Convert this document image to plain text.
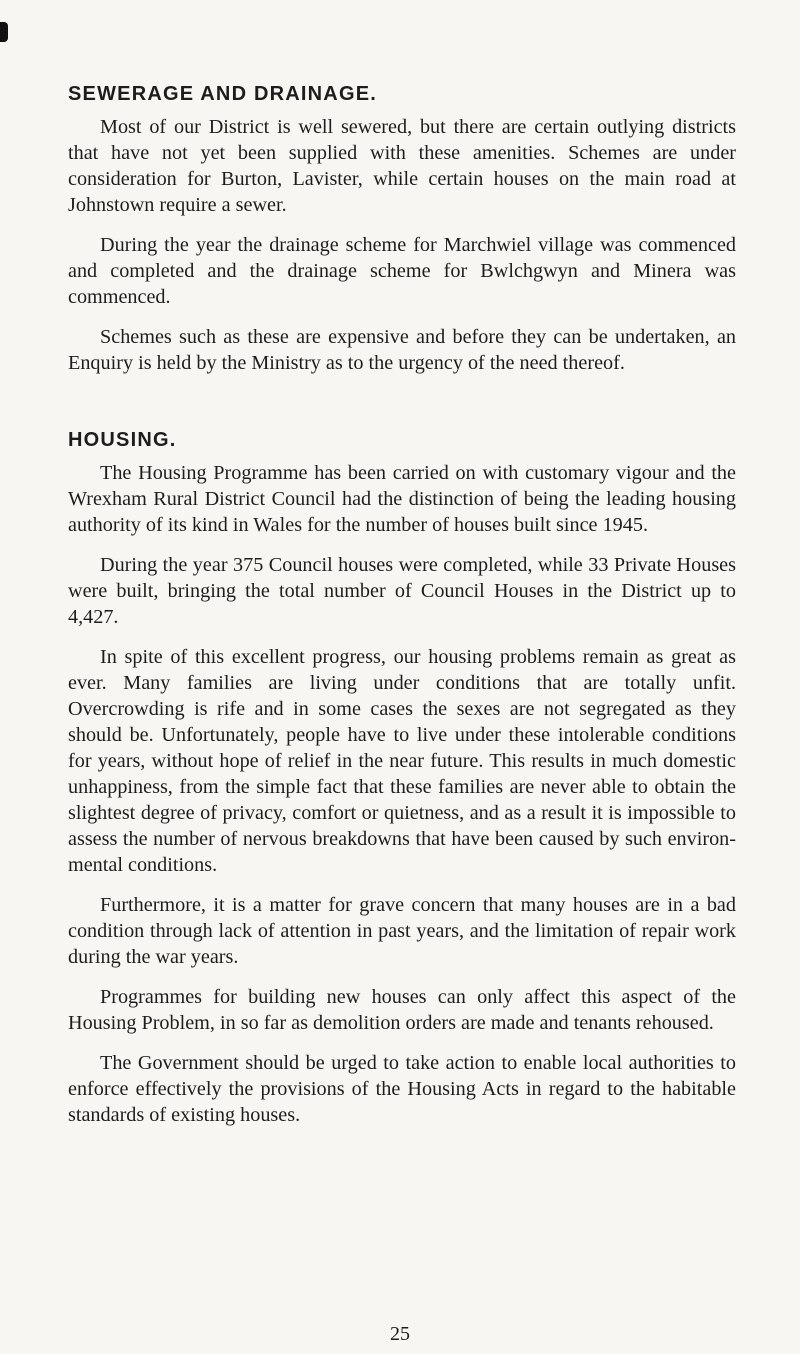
SEWERAGE AND DRAINAGE.

Most of our District is well sewered, but there are certain outlying districts that have not yet been supplied with these amenities. Schemes are under consideration for Burton, Lavister, while certain houses on the main road at Johnstown require a sewer.

During the year the drainage scheme for Marchwiel village was commenced and completed and the drainage scheme for Bwlchgwyn and Minera was commenced.

Schemes such as these are expensive and before they can be undertaken, an Enquiry is held by the Ministry as to the urgency of the need thereof.

HOUSING.

The Housing Programme has been carried on with customary vigour and the Wrexham Rural District Council had the distinction of being the leading housing authority of its kind in Wales for the number of houses built since 1945.

During the year 375 Council houses were completed, while 33 Private Houses were built, bringing the total number of Council Houses in the District up to 4,427.

In spite of this excellent progress, our housing problems remain as great as ever. Many families are living under conditions that are totally unfit. Overcrowding is rife and in some cases the sexes are not segregated as they should be. Unfortunately, people have to live under these intolerable conditions for years, without hope of relief in the near future. This results in much domestic unhappiness, from the simple fact that these families are never able to obtain the slightest degree of privacy, comfort or quietness, and as a result it is impossible to assess the number of nervous breakdowns that have been caused by such environ-mental conditions.

Furthermore, it is a matter for grave concern that many houses are in a bad condition through lack of attention in past years, and the limitation of repair work during the war years.

Programmes for building new houses can only affect this aspect of the Housing Problem, in so far as demolition orders are made and tenants rehoused.

The Government should be urged to take action to enable local authorities to enforce effectively the provisions of the Housing Acts in regard to the habitable standards of existing houses.

25
